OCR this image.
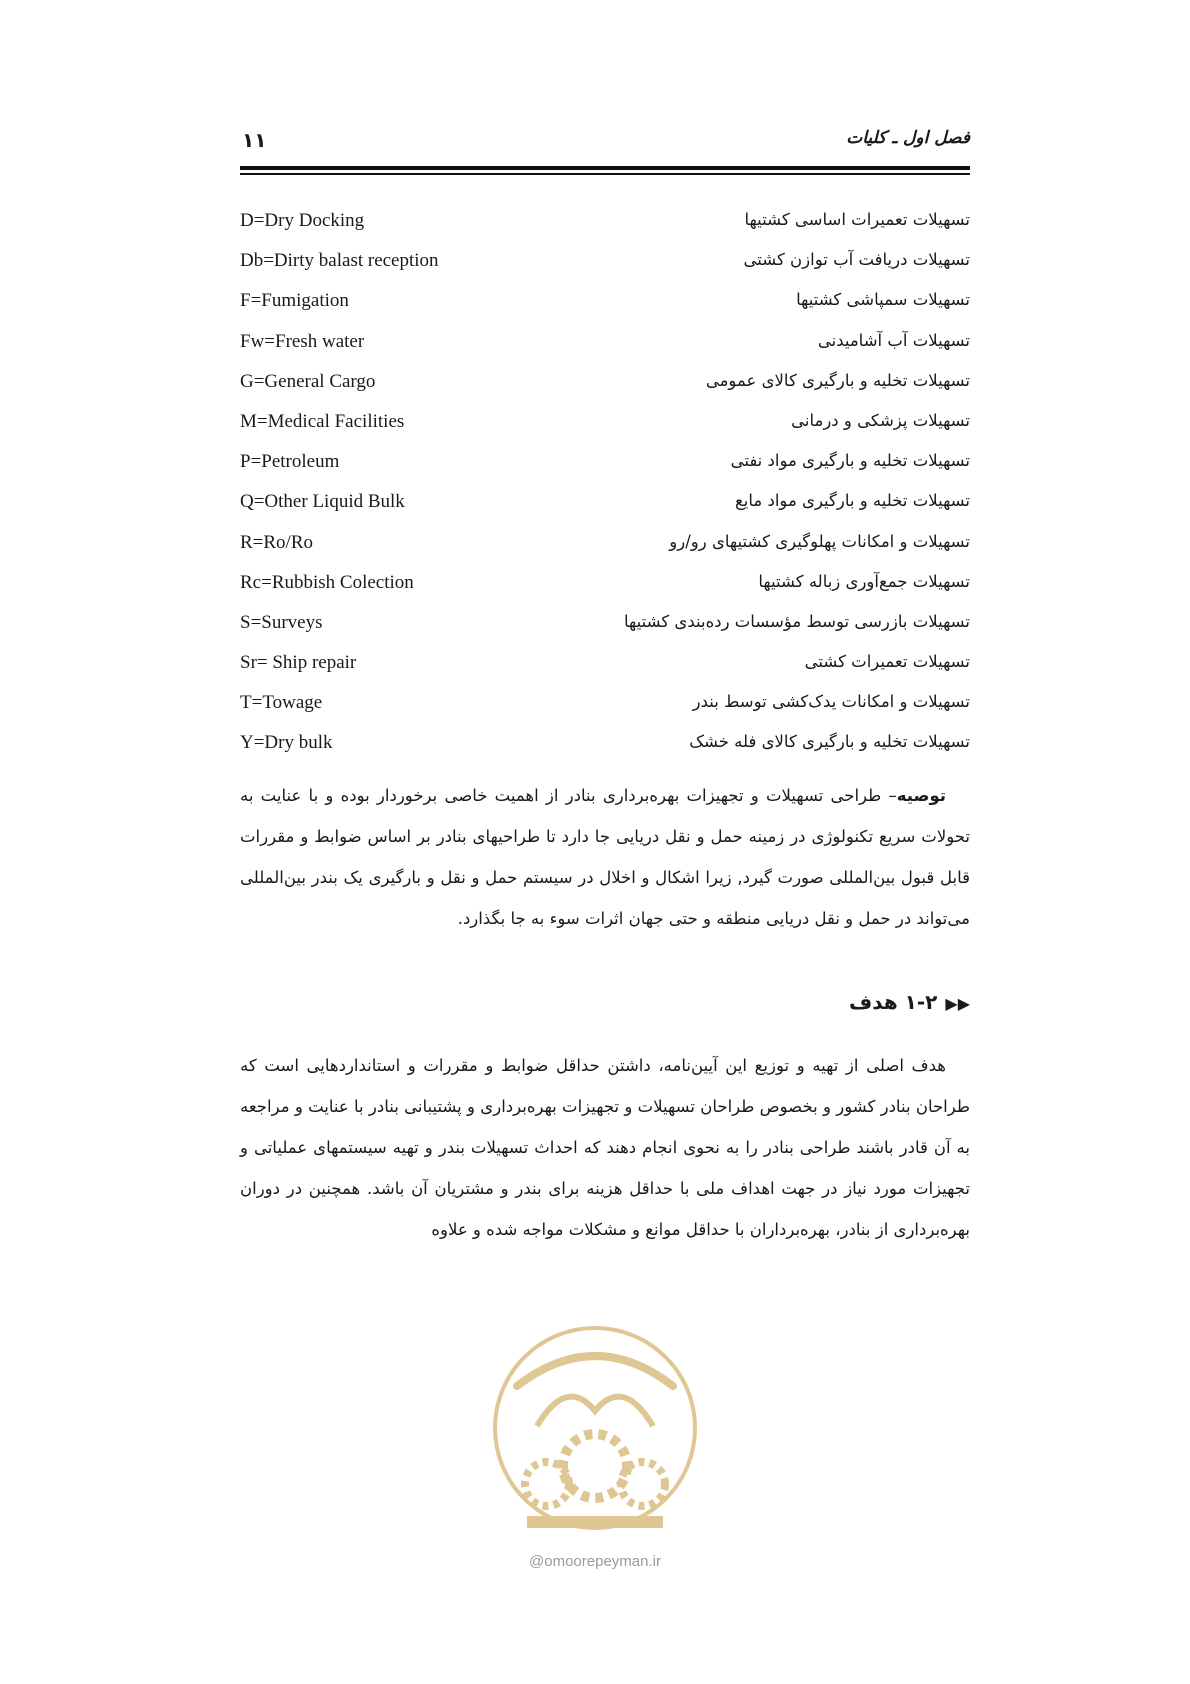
فصل اول ـ کلیات
۱۱
D=Dry Docking	تسهیلات تعمیرات اساسی کشتیها
Db=Dirty balast reception	تسهیلات دریافت آب توازن کشتی
F=Fumigation	تسهیلات سمپاشی کشتیها
Fw=Fresh water	تسهیلات آب آشامیدنی
G=General Cargo	تسهیلات تخلیه و بارگیری کالای عمومی
M=Medical Facilities	تسهیلات پزشکی و درمانی
P=Petroleum	تسهیلات تخلیه و بارگیری مواد نفتی
Q=Other Liquid Bulk	تسهیلات تخلیه و بارگیری مواد مایع
R=Ro/Ro	تسهیلات و امکانات پهلوگیری کشتیهای رو/رو
Rc=Rubbish Colection	تسهیلات جمع‌آوری زباله کشتیها
S=Surveys	تسهیلات بازرسی توسط مؤسسات رده‌بندی کشتیها
Sr= Ship repair	تسهیلات تعمیرات کشتی
T=Towage	تسهیلات و امکانات یدک‌کشی توسط بندر
Y=Dry bulk	تسهیلات تخلیه و بارگیری کالای فله خشک

توصیه– طراحی تسهیلات و تجهیزات بهره‌برداری بنادر از اهمیت خاصی برخوردار بوده و با عنایت به تحولات سریع تکنولوژی در زمینه حمل و نقل دریایی جا دارد تا طراحیهای بنادر بر اساس ضوابط و مقررات قابل قبول بین‌المللی صورت گیرد, زیرا اشکال و اخلال در سیستم حمل و نقل و بارگیری یک بندر بین‌المللی می‌تواند در حمل و نقل دریایی منطقه و حتی جهان اثرات سوء به جا بگذارد.

▶▶۱-۲ هدف

هدف اصلی از تهیه و توزیع این آیین‌نامه، داشتن حداقل ضوابط و مقررات و استانداردهایی است که طراحان بنادر کشور و بخصوص طراحان تسهیلات و تجهیزات بهره‌برداری و پشتیبانی بنادر با عنایت و مراجعه به آن قادر باشند طراحی بنادر را به نحوی انجام دهند که احداث تسهیلات بندر و تهیه سیستمهای عملیاتی و تجهیزات مورد نیاز در جهت اهداف ملی با حداقل هزینه برای بندر و مشتریان آن باشد. همچنین در دوران بهره‌برداری از بنادر، بهره‌برداران با حداقل موانع و مشکلات مواجه شده و علاوه

@omoorepeyman.ir
